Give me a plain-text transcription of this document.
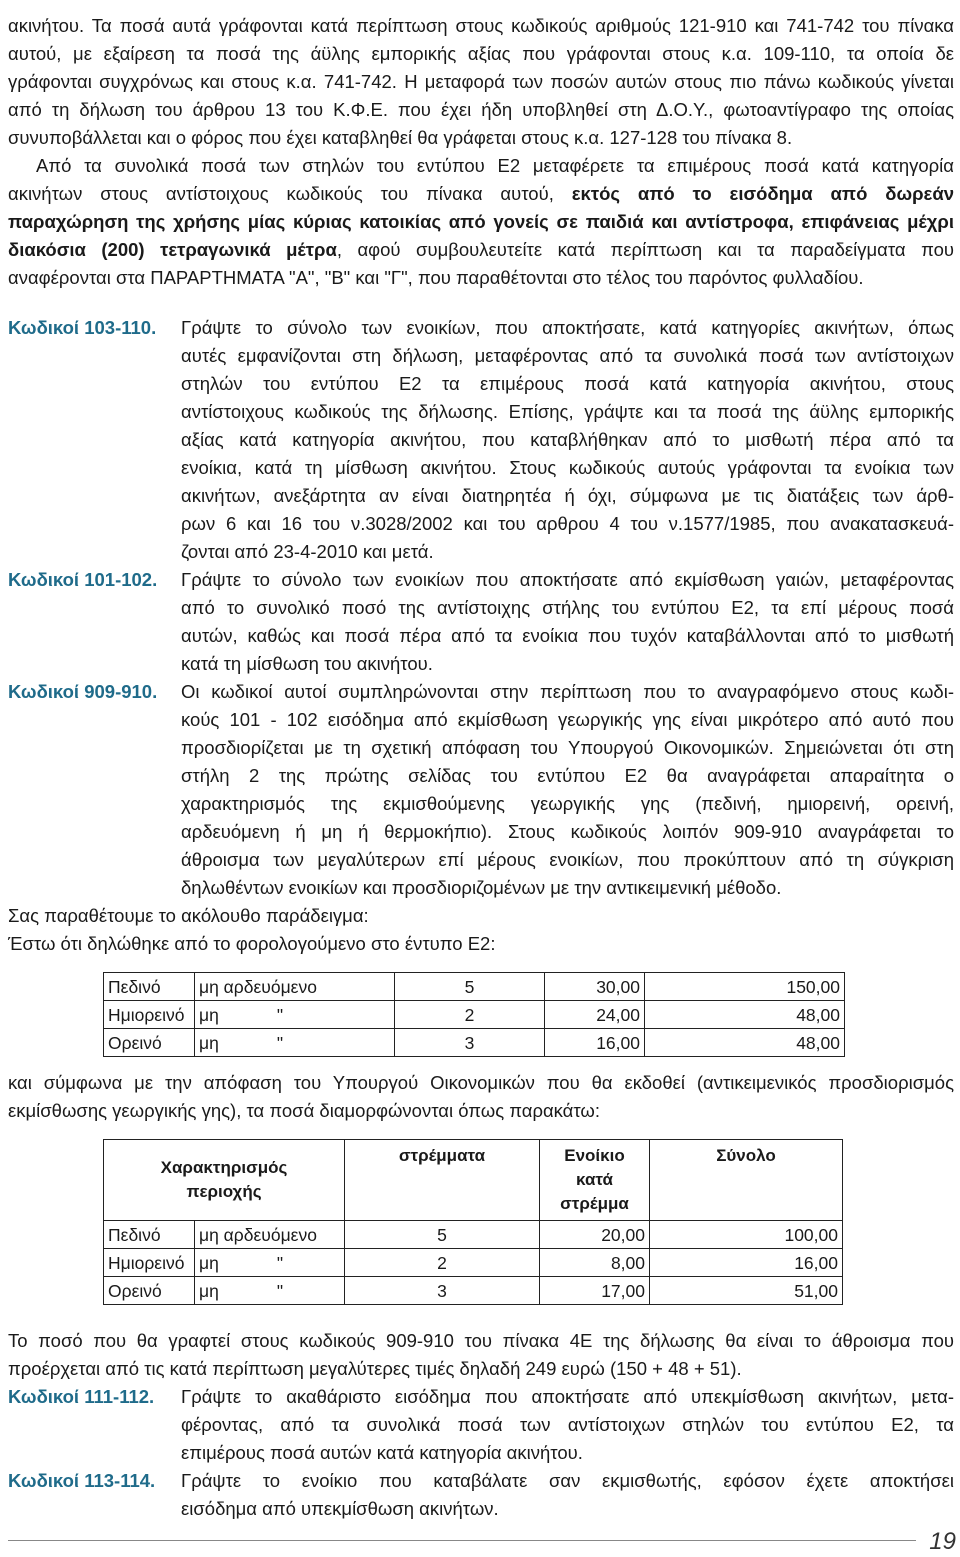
ακινήτου. Τα ποσά αυτά γράφονται κατά περίπτωση στους κωδικούς αριθμούς 121-910 και 741-742 του πίνακα
αυτού, με εξαίρεση τα ποσά της άϋλης εμπορικής αξίας που γράφονται στους κ.α. 109-110, τα οποία δε
γράφονται συγχρόνως και στους κ.α. 741-742. Η μεταφορά των ποσών αυτών στους πιο πάνω κωδικούς γίνεται
από τη δήλωση του άρθρου 13 του Κ.Φ.Ε. που έχει ήδη υποβληθεί στη Δ.Ο.Υ., φωτοαντίγραφο της οποίας
συνυποβάλλεται και ο φόρος που έχει καταβληθεί θα γράφεται στους κ.α. 127-128 του πίνακα 8.

Από τα συνολικά ποσά των στηλών του εντύπου Ε2 μεταφέρετε τα επιμέρους ποσά κατά κατηγορία
ακινήτων στους αντίστοιχους κωδικούς του πίνακα αυτού, εκτός από το εισόδημα από δωρεάν
παραχώρηση της χρήσης μίας κύριας κατοικίας από γονείς σε παιδιά και αντίστροφα, επιφάνειας μέχρι
διακόσια (200) τετραγωνικά μέτρα, αφού συμβουλευτείτε κατά περίπτωση και τα παραδείγματα που
αναφέρονται στα ΠΑΡΑΡΤΗΜΑΤΑ "Α", "Β" και "Γ", που παραθέτονται στο τέλος του παρόντος φυλλαδίου.

Κωδικοί 103-110.	Γράψτε το σύνολο των ενοικίων, που αποκτήσατε, κατά κατηγορίες ακινήτων, όπως
αυτές εμφανίζονται στη δήλωση, μεταφέροντας από τα συνολικά ποσά των αντίστοιχων
στηλών του εντύπου Ε2 τα επιμέρους ποσά κατά κατηγορία ακινήτου, στους
αντίστοιχους κωδικούς της δήλωσης. Επίσης, γράψτε και τα ποσά της άϋλης εμπορικής
αξίας κατά κατηγορία ακινήτου, που καταβλήθηκαν από το μισθωτή πέρα από τα
ενοίκια, κατά τη μίσθωση ακινήτου. Στους κωδικούς αυτούς γράφονται τα ενοίκια των
ακινήτων, ανεξάρτητα αν είναι διατηρητέα ή όχι, σύμφωνα με τις διατάξεις των άρθ-
ρων 6 και 16 του ν.3028/2002 και του αρθρου 4 του ν.1577/1985, που ανακατασκευά-
ζονται από 23-4-2010 και μετά.
Κωδικοί 101-102.	Γράψτε το σύνολο των ενοικίων που αποκτήσατε από εκμίσθωση γαιών, μεταφέροντας
από το συνολικό ποσό της αντίστοιχης στήλης του εντύπου Ε2, τα επί μέρους ποσά
αυτών, καθώς και ποσά πέρα από τα ενοίκια που τυχόν καταβάλλονται από το μισθωτή
κατά τη μίσθωση του ακινήτου.
Κωδικοί 909-910.	Οι κωδικοί αυτοί συμπληρώνονται στην περίπτωση που το αναγραφόμενο στους κωδι-
κούς 101 - 102 εισόδημα από εκμίσθωση γεωργικής γης είναι μικρότερο από αυτό που
προσδιορίζεται με τη σχετική απόφαση του Υπουργού Οικονομικών. Σημειώνεται ότι στη
στήλη 2 της πρώτης σελίδας του εντύπου Ε2 θα αναγράφεται απαραίτητα ο
χαρακτηρισμός της εκμισθούμενης γεωργικής γης (πεδινή, ημιορεινή, ορεινή,
αρδευόμενη ή μη ή θερμοκήπιο). Στους κωδικούς λοιπόν 909-910 αναγράφεται το
άθροισμα των μεγαλύτερων επί μέρους ενοικίων, που προκύπτουν από τη σύγκριση
δηλωθέντων ενοικίων και προσδιοριζομένων με την αντικειμενική μέθοδο.

Σας παραθέτουμε το ακόλουθο παράδειγμα:
Έστω ότι δηλώθηκε από το φορολογούμενο στο έντυπο Ε2:

Πεδινό	μη αρδευόμενο	5	30,00	150,00
Ημιορεινό	μη "	2	24,00	48,00
Ορεινό	μη "	3	16,00	48,00

και σύμφωνα με την απόφαση του Υπουργού Οικονομικών που θα εκδοθεί (αντικειμενικός προσδιορισμός
εκμίσθωσης γεωργικής γης), τα ποσά διαμορφώνονται όπως παρακάτω:

Χαρακτηρισμός
περιοχής		στρέμματα	Ενοίκιο
κατά στρέμμα	Σύνολο
Πεδινό	μη αρδευόμενο	5	20,00	100,00
Ημιορεινό	μη "	2	8,00	16,00
Ορεινό	μη "	3	17,00	51,00

Το ποσό που θα γραφτεί στους κωδικούς 909-910 του πίνακα 4Ε της δήλωσης θα είναι το άθροισμα που
προέρχεται από τις κατά περίπτωση μεγαλύτερες τιμές δηλαδή 249 ευρώ (150 + 48 + 51).

Κωδικοί 111-112.	Γράψτε το ακαθάριστο εισόδημα που αποκτήσατε από υπεκμίσθωση ακινήτων, μετα-
φέροντας, από τα συνολικά ποσά των αντίστοιχων στηλών του εντύπου Ε2, τα
επιμέρους ποσά αυτών κατά κατηγορία ακινήτου.
Κωδικοί 113-114.	Γράψτε το ενοίκιο που καταβάλατε σαν εκμισθωτής, εφόσον έχετε αποκτήσει
εισόδημα από υπεκμίσθωση ακινήτων.
19
